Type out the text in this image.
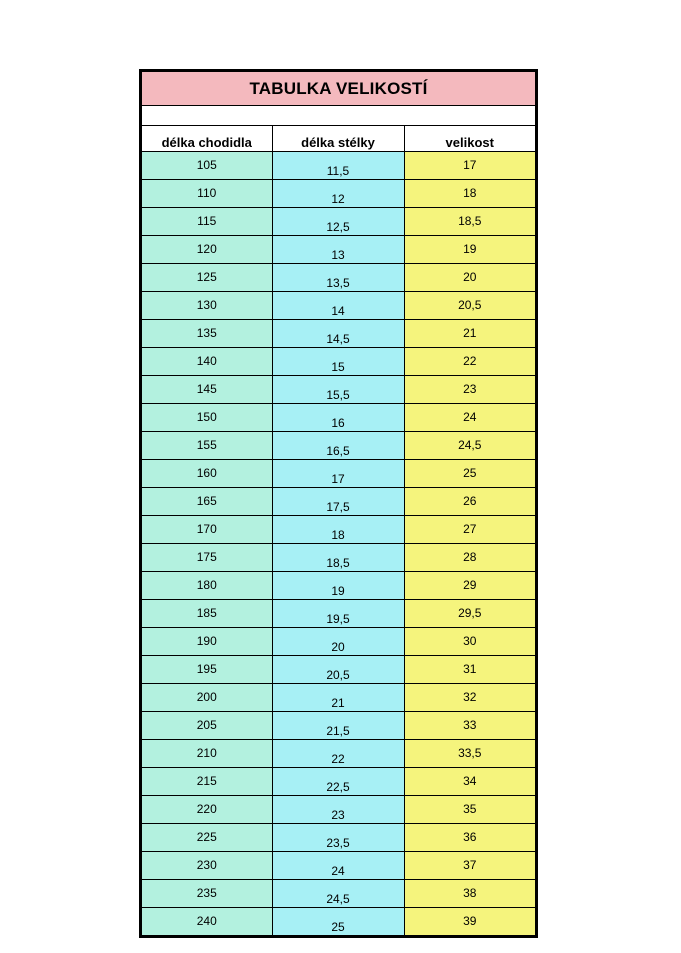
TABULKA VELIKOSTÍ
délka chodidla	délka stélky	velikost
105	11,5	17
110	12	18
115	12,5	18,5
120	13	19
125	13,5	20
130	14	20,5
135	14,5	21
140	15	22
145	15,5	23
150	16	24
155	16,5	24,5
160	17	25
165	17,5	26
170	18	27
175	18,5	28
180	19	29
185	19,5	29,5
190	20	30
195	20,5	31
200	21	32
205	21,5	33
210	22	33,5
215	22,5	34
220	23	35
225	23,5	36
230	24	37
235	24,5	38
240	25	39
